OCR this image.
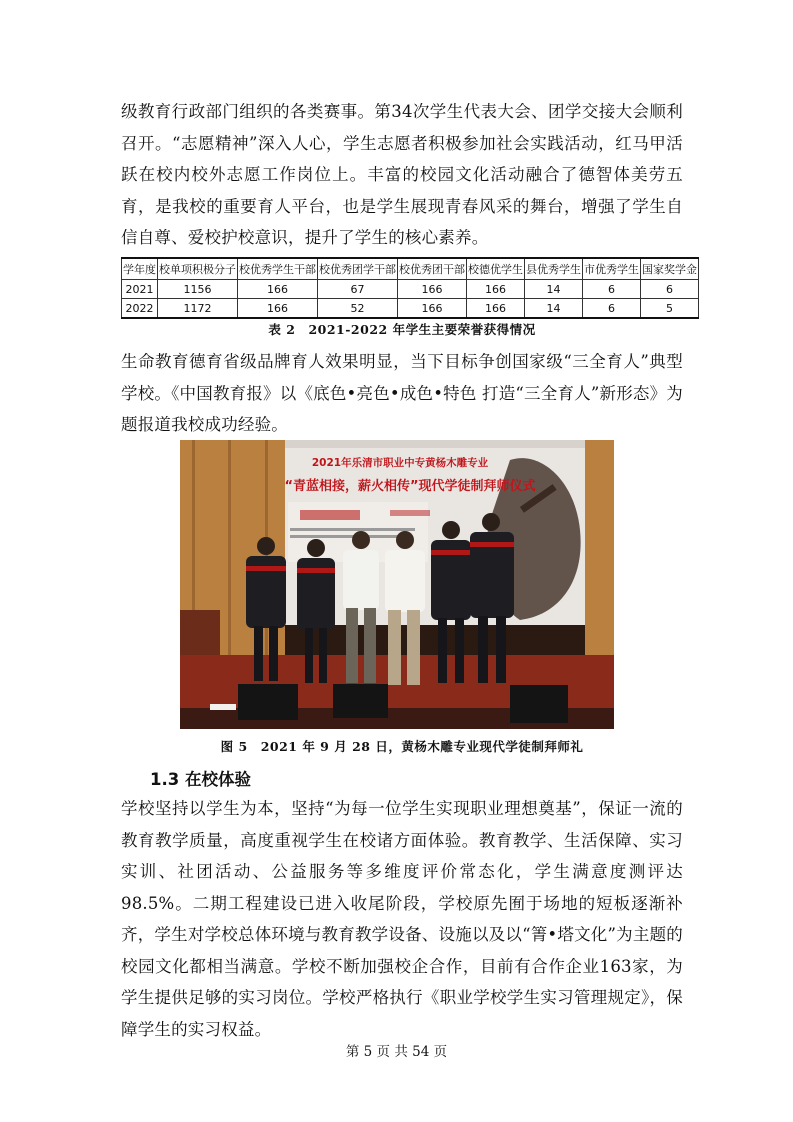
级教育行政部门组织的各类赛事。第34次学生代表大会、团学交接大会顺利召开。“志愿精神”深入人心，学生志愿者积极参加社会实践活动，红马甲活跃在校内校外志愿工作岗位上。丰富的校园文化活动融合了德智体美劳五育，是我校的重要育人平台，也是学生展现青春风采的舞台，增强了学生自信自尊、爱校护校意识，提升了学生的核心素养。

学年度	校单项积极分子	校优秀学生干部	校优秀团学干部	校优秀团干部	校德优学生	县优秀学生	市优秀学生	国家奖学金
2021	1156	166	67	166	166	14	6	6
2022	1172	166	52	166	166	14	6	5
表 2　2021-2022 年学生主要荣誉获得情况

生命教育德育省级品牌育人效果明显，当下目标争创国家级“三全育人”典型学校。《中国教育报》以《底色•亮色•成色•特色 打造“三全育人”新形态》为题报道我校成功经验。

2021年乐清市职业中专黄杨木雕专业
“青蓝相接，薪火相传”现代学徒制拜师仪式
图 5　2021 年 9 月 28 日，黄杨木雕专业现代学徒制拜师礼
1.3 在校体验

学校坚持以学生为本，坚持“为每一位学生实现职业理想奠基”，保证一流的教育教学质量，高度重视学生在校诸方面体验。教育教学、生活保障、实习实训、社团活动、公益服务等多维度评价常态化，学生满意度测评达98.5%。二期工程建设已进入收尾阶段，学校原先囿于场地的短板逐渐补齐，学生对学校总体环境与教育教学设备、设施以及以“箐•塔文化”为主题的校园文化都相当满意。学校不断加强校企合作，目前有合作企业163家，为学生提供足够的实习岗位。学校严格执行《职业学校学生实习管理规定》，保障学生的实习权益。

第 5 页 共 54 页
